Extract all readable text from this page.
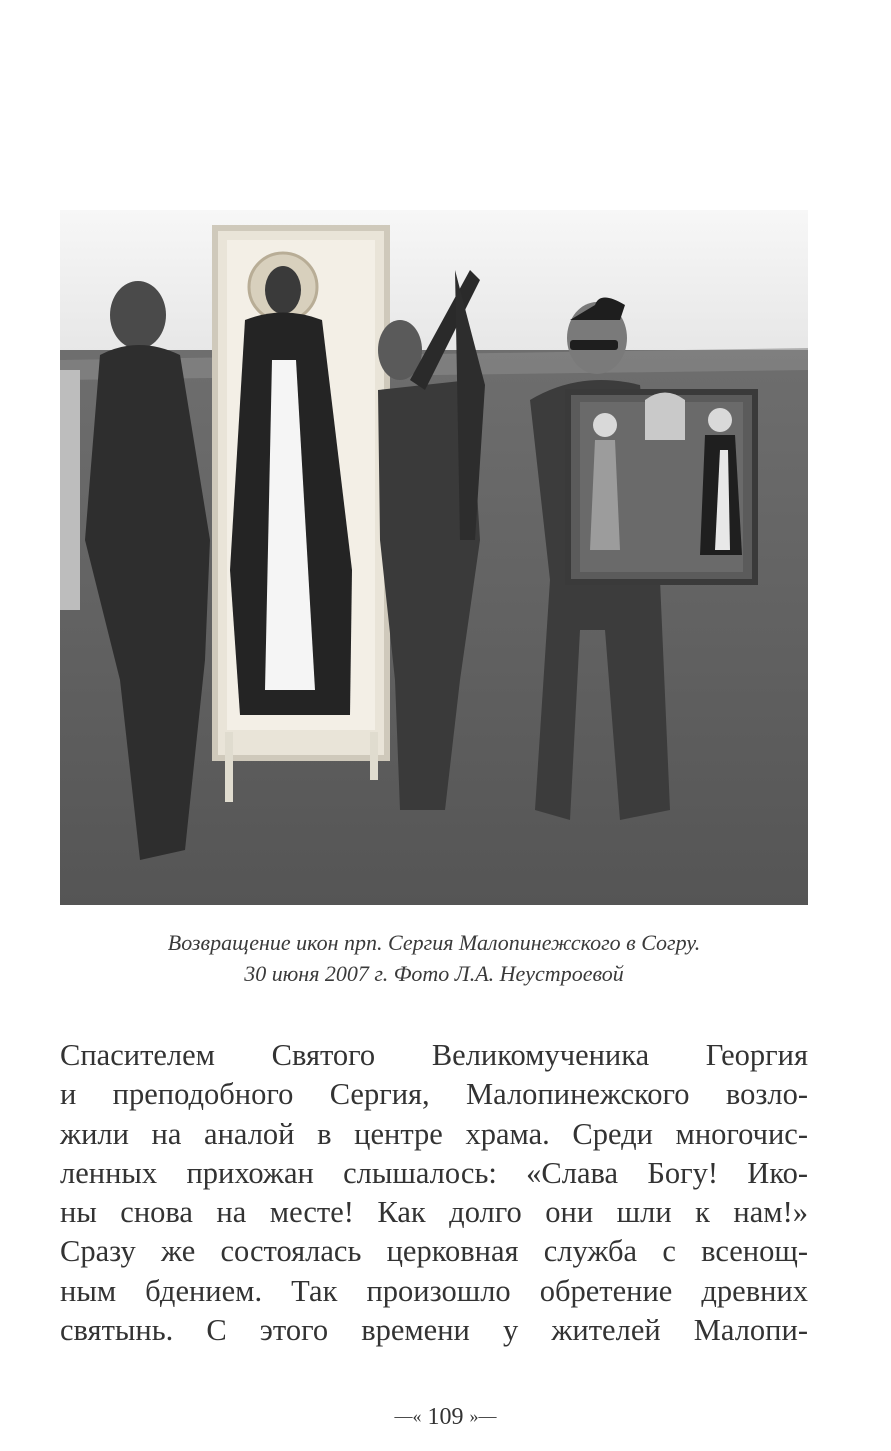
Возвращение икон прп. Сергия Малопинежского в Согру.
30 июня 2007 г. Фото Л.А. Неустроевой
Спасителем Святого Великомученика Георгия
и преподобного Сергия, Малопинежского возло-
жили на аналой в центре храма. Среди многочис-
ленных прихожан слышалось: «Слава Богу! Ико-
ны снова на месте! Как долго они шли к нам!»
Сразу же состоялась церковная служба с всенощ-
ным бдением. Так произошло обретение древних
святынь. С этого времени у жителей Малопи-
—« 109 »—
